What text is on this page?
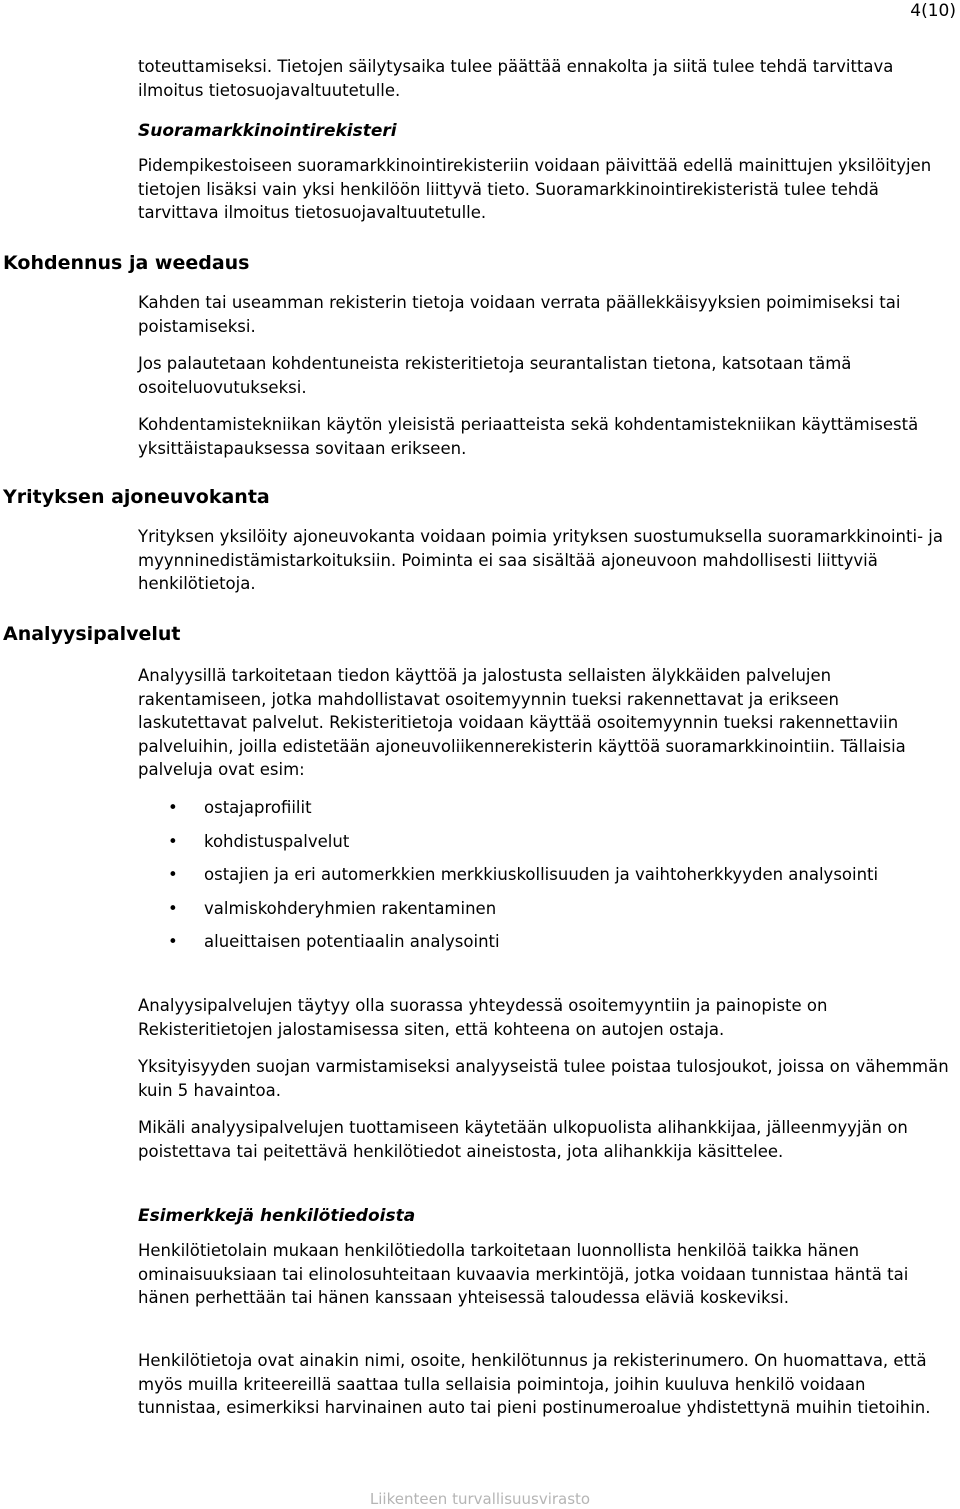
4(10)

toteuttamiseksi. Tietojen säilytysaika tulee päättää ennakolta ja siitä tulee tehdä tarvittava ilmoitus tietosuojavaltuutetulle.

Suoramarkkinointirekisteri

Pidempikestoiseen suoramarkkinointirekisteriin voidaan päivittää edellä mainittujen yksilöityjen tietojen lisäksi vain yksi henkilöön liittyvä tieto. Suoramarkkinointirekisteristä tulee tehdä tarvittava ilmoitus tietosuojavaltuutetulle.

Kohdennus ja weedaus

Kahden tai useamman rekisterin tietoja voidaan verrata päällekkäisyyksien poimimiseksi tai poistamiseksi.

Jos palautetaan kohdentuneista rekisteritietoja seurantalistan tietona, katsotaan tämä osoiteluovutukseksi.

Kohdentamistekniikan käytön yleisistä periaatteista sekä kohdentamistekniikan käyttämisestä yksittäistapauksessa sovitaan erikseen.

Yrityksen ajoneuvokanta

Yrityksen yksilöity ajoneuvokanta voidaan poimia yrityksen suostumuksella suoramarkkinointi- ja myynninedistämistarkoituksiin. Poiminta ei saa sisältää ajoneuvoon mahdollisesti liittyviä henkilötietoja.

Analyysipalvelut

Analyysillä tarkoitetaan tiedon käyttöä ja jalostusta sellaisten älykkäiden palvelujen rakentamiseen, jotka mahdollistavat osoitemyynnin tueksi rakennettavat ja erikseen laskutettavat palvelut. Rekisteritietoja voidaan käyttää osoitemyynnin tueksi rakennettaviin palveluihin, joilla edistetään ajoneuvoliikennerekisterin käyttöä suoramarkkinointiin. Tällaisia palveluja ovat esim:

• ostajaprofiilit
• kohdistuspalvelut
• ostajien ja eri automerkkien merkkiuskollisuuden ja vaihtoherkkyyden analysointi
• valmiskohderyhmien rakentaminen
• alueittaisen potentiaalin analysointi

Analyysipalvelujen täytyy olla suorassa yhteydessä osoitemyyntiin ja painopiste on Rekisteritietojen jalostamisessa siten, että kohteena on autojen ostaja.

Yksityisyyden suojan varmistamiseksi analyyseistä tulee poistaa tulosjoukot, joissa on vähemmän kuin 5 havaintoa.

Mikäli analyysipalvelujen tuottamiseen käytetään ulkopuolista alihankkijaa, jälleenmyyjän on poistettava tai peitettävä henkilötiedot aineistosta, jota alihankkija käsittelee.

Esimerkkejä henkilötiedoista

Henkilötietolain mukaan henkilötiedolla tarkoitetaan luonnollista henkilöä taikka hänen ominaisuuksiaan tai elinolosuhteitaan kuvaavia merkintöjä, jotka voidaan tunnistaa häntä tai hänen perhettään tai hänen kanssaan yhteisessä taloudessa eläviä koskeviksi.

Henkilötietoja ovat ainakin nimi, osoite, henkilötunnus ja rekisterinumero. On huomattava, että myös muilla kriteereillä saattaa tulla sellaisia poimintoja, joihin kuuluva henkilö voidaan tunnistaa, esimerkiksi harvinainen auto tai pieni postinumeroalue yhdistettynä muihin tietoihin.

Liikenteen turvallisuusvirasto
